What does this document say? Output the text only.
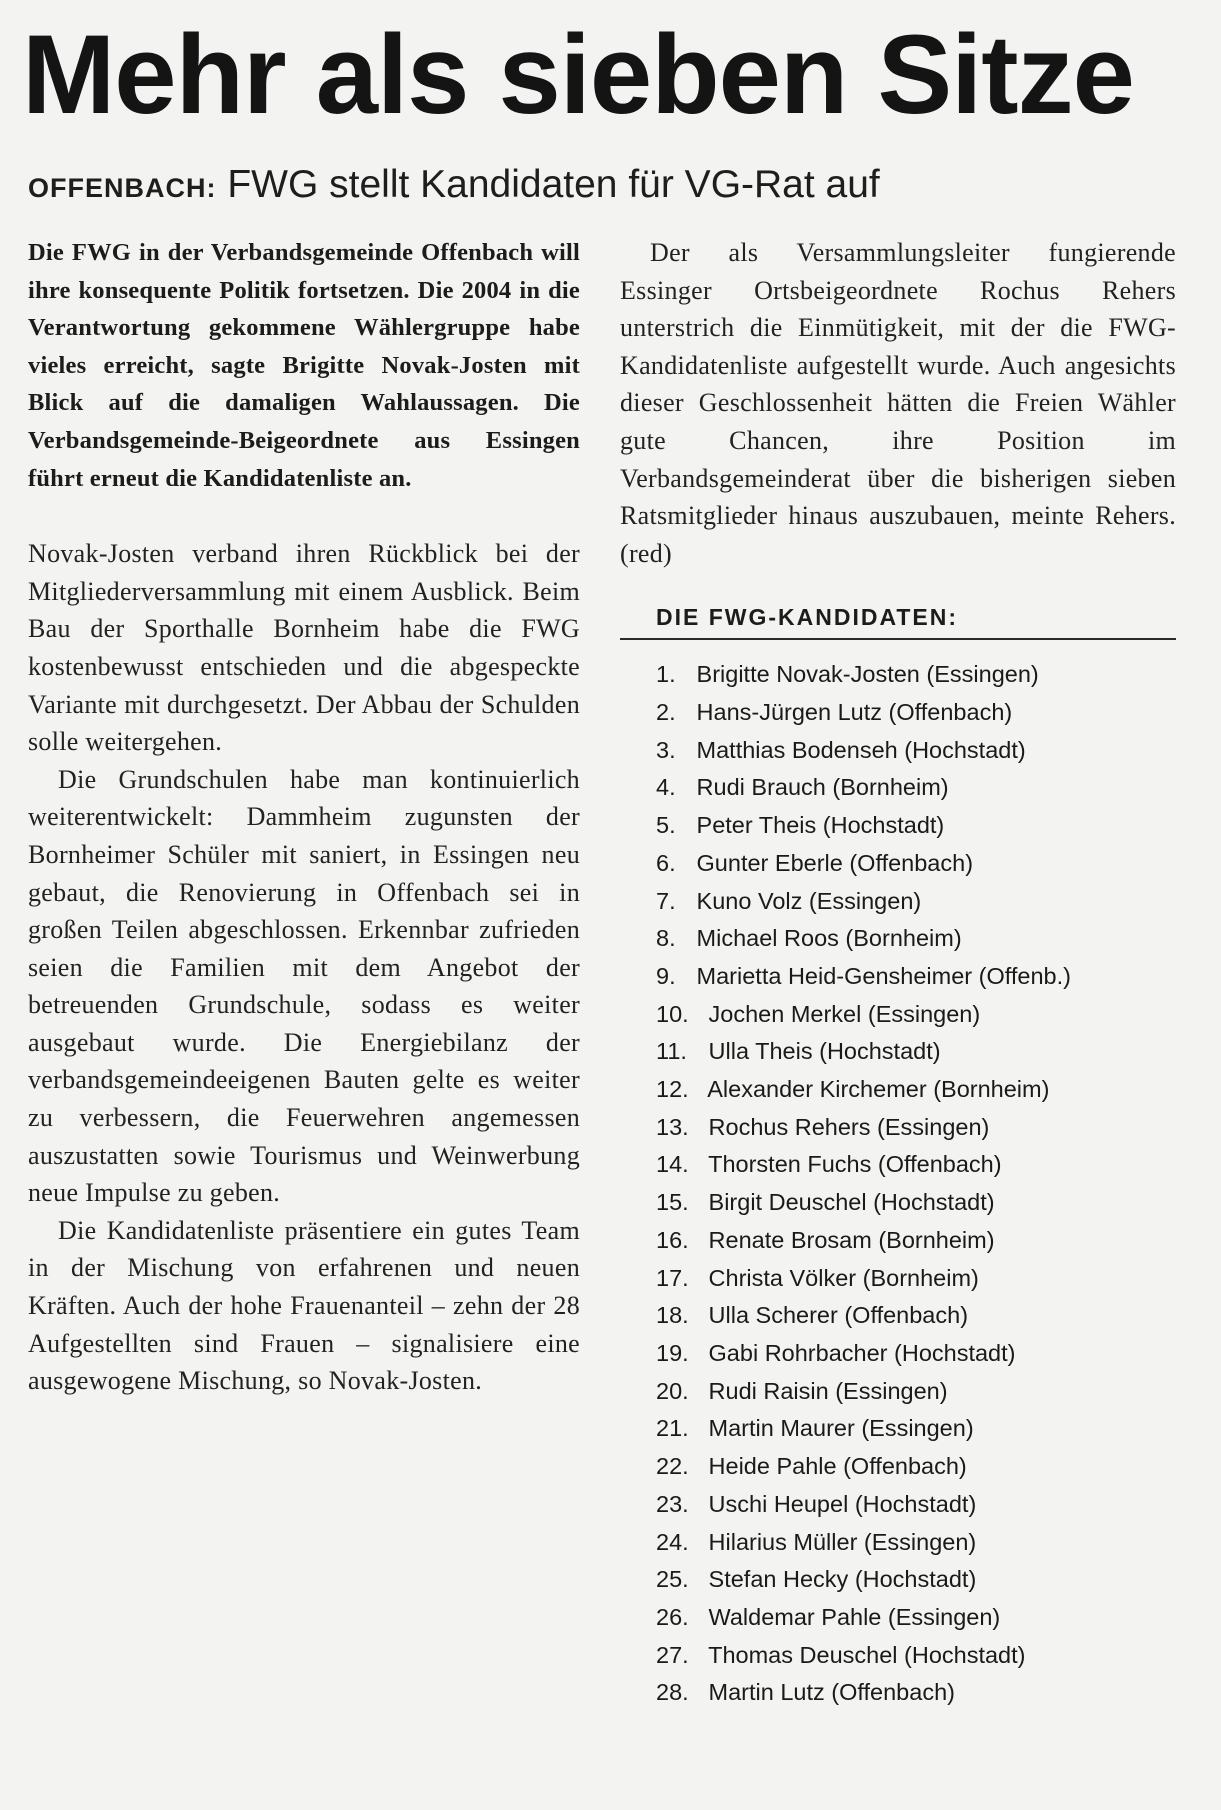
Mehr als sieben Sitze

OFFENBACH: FWG stellt Kandidaten für VG-Rat auf

Die FWG in der Verbandsgemeinde Offenbach will ihre konsequente Politik fortsetzen. Die 2004 in die Verantwortung gekommene Wählergruppe habe vieles erreicht, sagte Brigitte Novak-Josten mit Blick auf die damaligen Wahlaussagen. Die Verbandsgemeinde-Beigeordnete aus Essingen führt erneut die Kandidatenliste an.

Novak-Josten verband ihren Rückblick bei der Mitgliederversammlung mit einem Ausblick. Beim Bau der Sporthalle Bornheim habe die FWG kostenbewusst entschieden und die abgespeckte Variante mit durchgesetzt. Der Abbau der Schulden solle weitergehen.

Die Grundschulen habe man kontinuierlich weiterentwickelt: Dammheim zugunsten der Bornheimer Schüler mit saniert, in Essingen neu gebaut, die Renovierung in Offenbach sei in großen Teilen abgeschlossen. Erkennbar zufrieden seien die Familien mit dem Angebot der betreuenden Grundschule, sodass es weiter ausgebaut wurde. Die Energiebilanz der verbandsgemeindeeigenen Bauten gelte es weiter zu verbessern, die Feuerwehren angemessen auszustatten sowie Tourismus und Weinwerbung neue Impulse zu geben.

Die Kandidatenliste präsentiere ein gutes Team in der Mischung von erfahrenen und neuen Kräften. Auch der hohe Frauenanteil – zehn der 28 Aufgestellten sind Frauen – signalisiere eine ausgewogene Mischung, so Novak-Josten.

Der als Versammlungsleiter fungierende Essinger Ortsbeigeordnete Rochus Rehers unterstrich die Einmütigkeit, mit der die FWG-Kandidatenliste aufgestellt wurde. Auch angesichts dieser Geschlossenheit hätten die Freien Wähler gute Chancen, ihre Position im Verbandsgemeinderat über die bisherigen sieben Ratsmitglieder hinaus auszubauen, meinte Rehers. (red)

DIE FWG-KANDIDATEN:
1. Brigitte Novak-Josten (Essingen)
2. Hans-Jürgen Lutz (Offenbach)
3. Matthias Bodenseh (Hochstadt)
4. Rudi Brauch (Bornheim)
5. Peter Theis (Hochstadt)
6. Gunter Eberle (Offenbach)
7. Kuno Volz (Essingen)
8. Michael Roos (Bornheim)
9. Marietta Heid-Gensheimer (Offenb.)
10. Jochen Merkel (Essingen)
11. Ulla Theis (Hochstadt)
12. Alexander Kirchemer (Bornheim)
13. Rochus Rehers (Essingen)
14. Thorsten Fuchs (Offenbach)
15. Birgit Deuschel (Hochstadt)
16. Renate Brosam (Bornheim)
17. Christa Völker (Bornheim)
18. Ulla Scherer (Offenbach)
19. Gabi Rohrbacher (Hochstadt)
20. Rudi Raisin (Essingen)
21. Martin Maurer (Essingen)
22. Heide Pahle (Offenbach)
23. Uschi Heupel (Hochstadt)
24. Hilarius Müller (Essingen)
25. Stefan Hecky (Hochstadt)
26. Waldemar Pahle (Essingen)
27. Thomas Deuschel (Hochstadt)
28. Martin Lutz (Offenbach)
